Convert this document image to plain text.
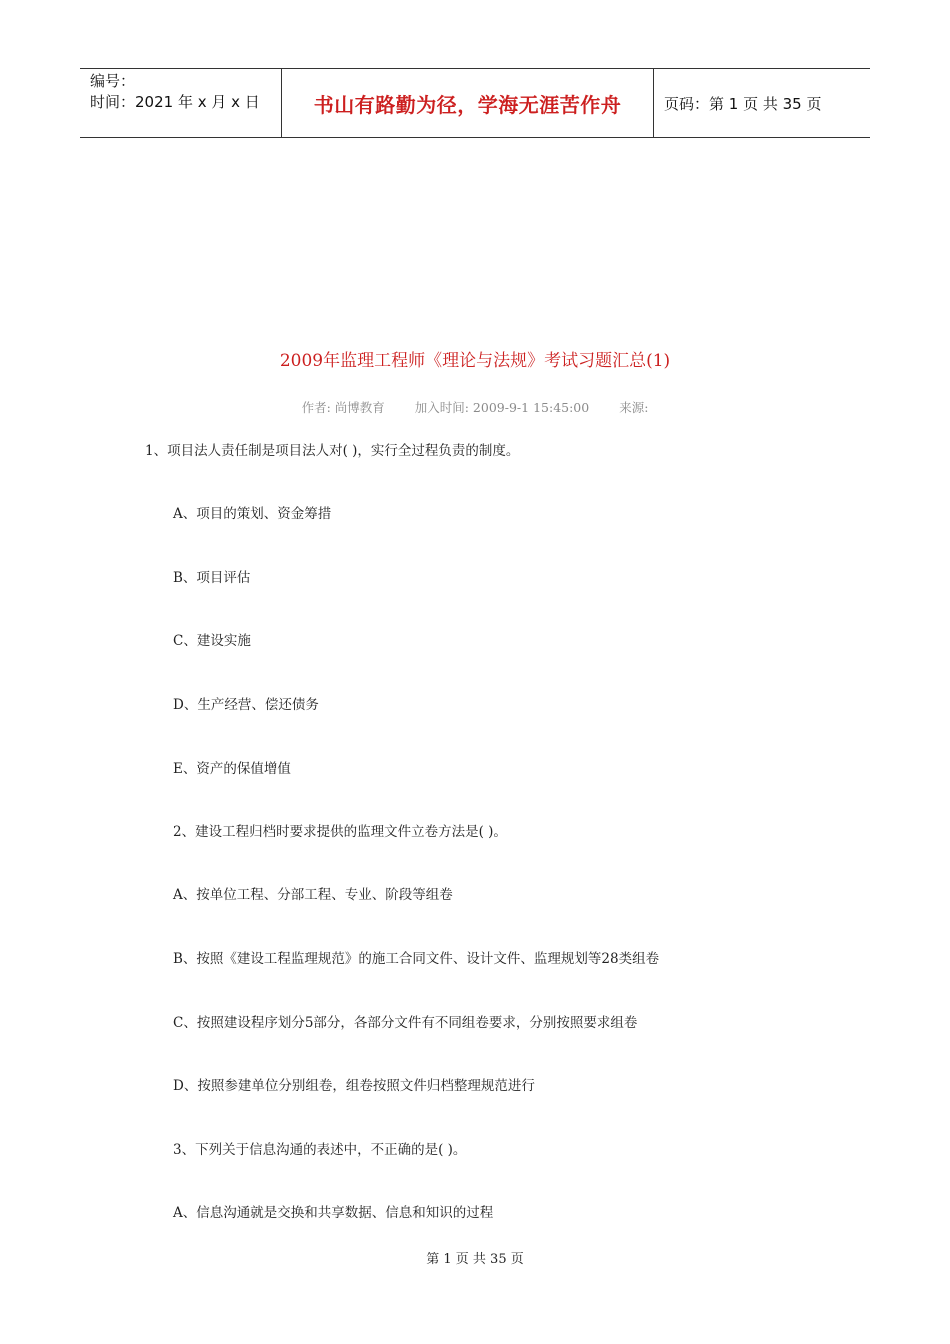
编号：
时间：2021 年 x 月 x 日	书山有路勤为径，学海无涯苦作舟	页码：第 1 页 共 35 页
2009年监理工程师《理论与法规》考试习题汇总(1)
作者: 尚博教育 加入时间: 2009-9-1 15:45:00 来源:
1、项目法人责任制是项目法人对( )，实行全过程负责的制度。
A、项目的策划、资金筹措
B、项目评估
C、建设实施
D、生产经营、偿还债务
E、资产的保值增值
2、建设工程归档时要求提供的监理文件立卷方法是( )。
A、按单位工程、分部工程、专业、阶段等组卷
B、按照《建设工程监理规范》的施工合同文件、设计文件、监理规划等28类组卷
C、按照建设程序划分5部分，各部分文件有不同组卷要求，分别按照要求组卷
D、按照参建单位分别组卷，组卷按照文件归档整理规范进行
3、下列关于信息沟通的表述中，不正确的是( )。
A、信息沟通就是交换和共享数据、信息和知识的过程
第 1 页 共 35 页
